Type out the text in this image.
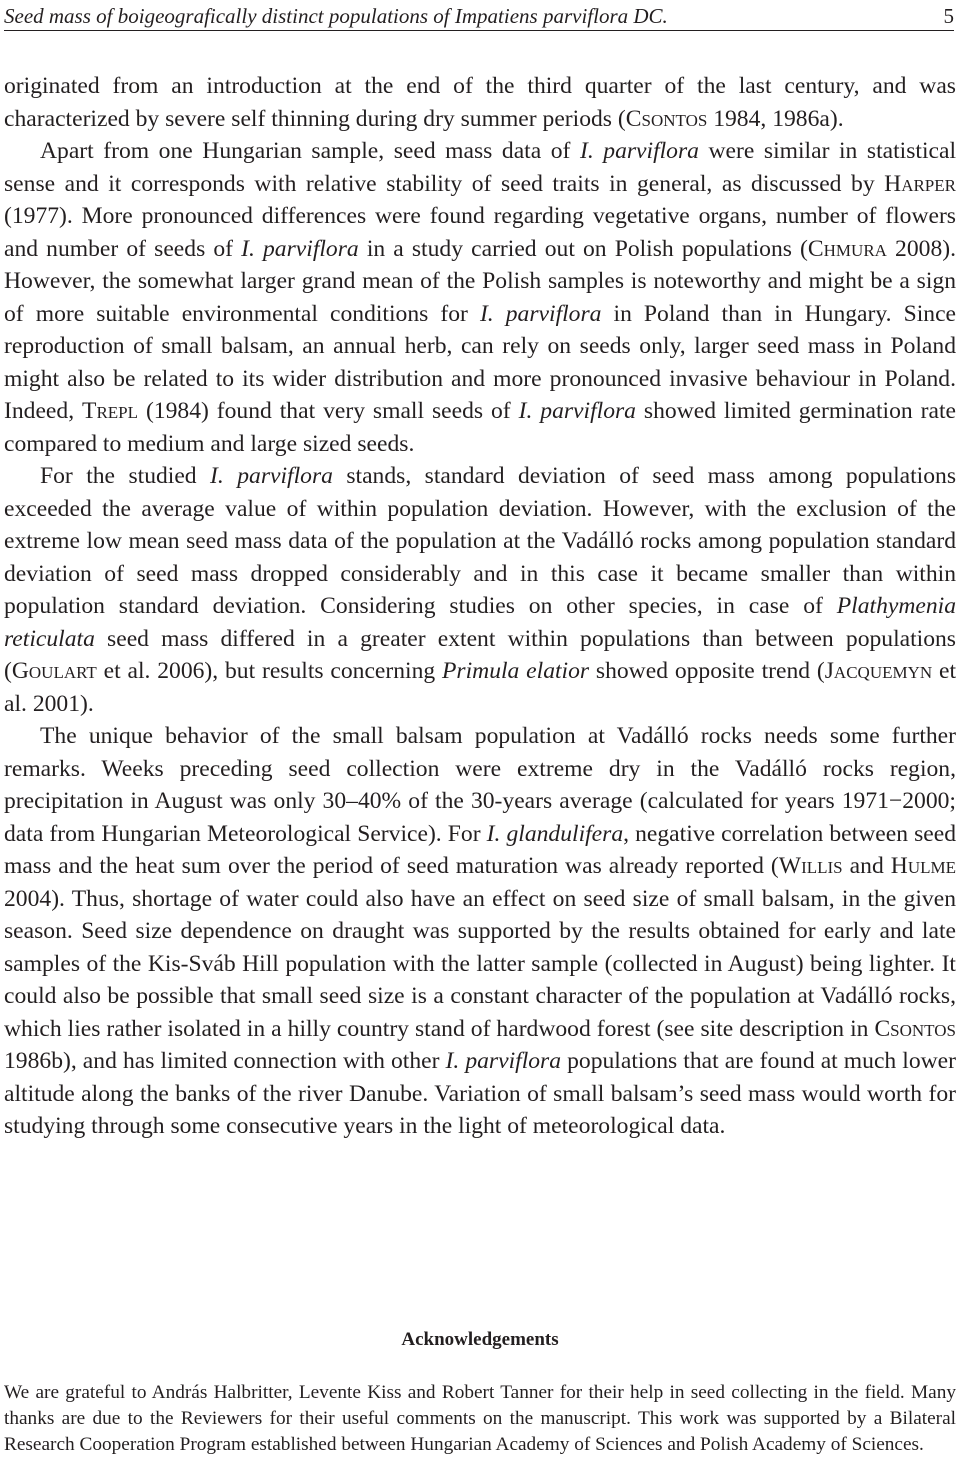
Seed mass of boigeografically distinct populations of Impatiens parviflora DC.	5

originated from an introduction at the end of the third quarter of the last century, and was characterized by severe self thinning during dry summer periods (Csontos 1984, 1986a).

Apart from one Hungarian sample, seed mass data of I. parviflora were similar in statistical sense and it corresponds with relative stability of seed traits in general, as discussed by Harper (1977). More pronounced differences were found regarding vegetative organs, number of flowers and number of seeds of I. parviflora in a study carried out on Polish populations (Chmura 2008). However, the somewhat larger grand mean of the Polish samples is noteworthy and might be a sign of more suitable environmental conditions for I. parviflora in Poland than in Hungary. Since reproduction of small balsam, an annual herb, can rely on seeds only, larger seed mass in Poland might also be related to its wider distribution and more pronounced invasive behaviour in Poland. Indeed, Trepl (1984) found that very small seeds of I. parviflora showed limited germination rate compared to medium and large sized seeds.

For the studied I. parviflora stands, standard deviation of seed mass among populations exceeded the average value of within population deviation. However, with the exclusion of the extreme low mean seed mass data of the population at the Vadálló rocks among population standard deviation of seed mass dropped considerably and in this case it became smaller than within population standard deviation. Considering studies on other species, in case of Plathymenia reticulata seed mass differed in a greater extent within populations than between populations (Goulart et al. 2006), but results concerning Primula elatior showed opposite trend (Jacquemyn et al. 2001).

The unique behavior of the small balsam population at Vadálló rocks needs some further remarks. Weeks preceding seed collection were extreme dry in the Vadálló rocks region, precipitation in August was only 30–40% of the 30-years average (calculated for years 1971−2000; data from Hungarian Meteorological Service). For I. glandulifera, negative correlation between seed mass and the heat sum over the period of seed maturation was already reported (Willis and Hulme 2004). Thus, shortage of water could also have an effect on seed size of small balsam, in the given season. Seed size dependence on draught was supported by the results obtained for early and late samples of the Kis-Sváb Hill population with the latter sample (collected in August) being lighter. It could also be possible that small seed size is a constant character of the population at Vadálló rocks, which lies rather isolated in a hilly country stand of hardwood forest (see site description in Csontos 1986b), and has limited connection with other I. parviflora populations that are found at much lower altitude along the banks of the river Danube. Variation of small balsam’s seed mass would worth for studying through some consecutive years in the light of meteorological data.

Acknowledgements

We are grateful to András Halbritter, Levente Kiss and Robert Tanner for their help in seed collecting in the field. Many thanks are due to the Reviewers for their useful comments on the manuscript. This work was supported by a Bilateral Research Cooperation Program established between Hungarian Academy of Sciences and Polish Academy of Sciences.
